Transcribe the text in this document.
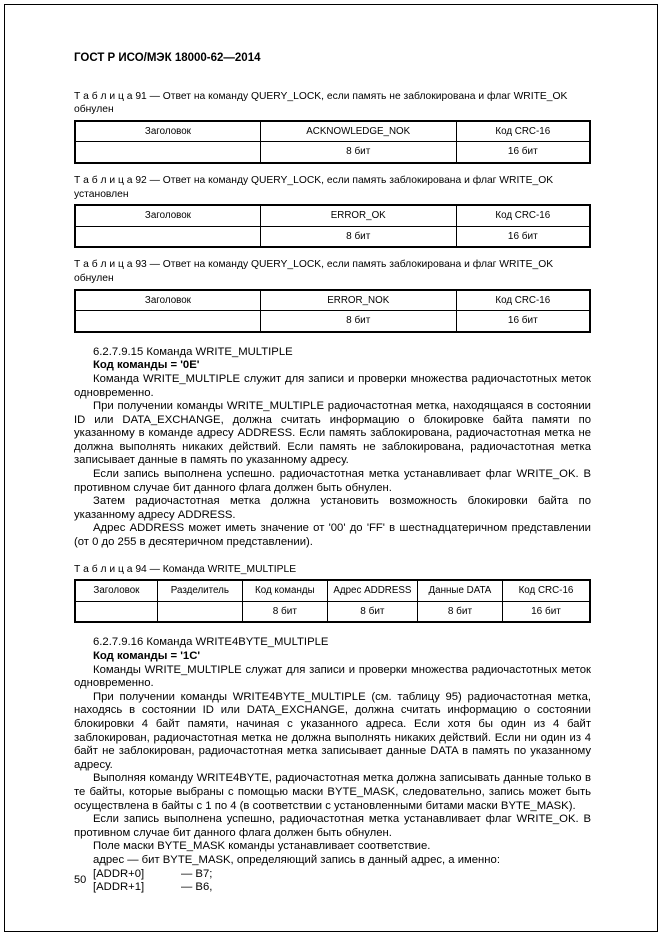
ГОСТ Р ИСО/МЭК 18000-62—2014

Т а б л и ц а 91 — Ответ на команду QUERY_LOCK, если память не заблокирована и флаг WRITE_OK обнулен

Заголовок	ACKNOWLEDGE_NOK	Код CRC-16
	8 бит	16 бит

Т а б л и ц а 92 — Ответ на команду QUERY_LOCK, если память заблокирована и флаг WRITE_OK установлен

Заголовок	ERROR_OK	Код CRC-16
	8 бит	16 бит

Т а б л и ц а 93 — Ответ на команду QUERY_LOCK, если память заблокирована и флаг WRITE_OK обнулен

Заголовок	ERROR_NOK	Код CRC-16
	8 бит	16 бит

6.2.7.9.15 Команда WRITE_MULTIPLE

Код команды = '0Е'

Команда WRITE_MULTIPLE служит для записи и проверки множества радиочастотных меток одновременно.

При получении команды WRITE_MULTIPLE радиочастотная метка, находящаяся в состоянии ID или DATA_EXCHANGE, должна считать информацию о блокировке байта памяти по указанному в команде адресу ADDRESS. Если память заблокирована, радиочастотная метка не должна выполнять никаких действий. Если память не заблокирована, радиочастотная метка записывает данные в память по указанному адресу.

Если запись выполнена успешно. радиочастотная метка устанавливает флаг WRITE_OK. В противном случае бит данного флага должен быть обнулен.

Затем радиочастотная метка должна установить возможность блокировки байта по указанному адресу ADDRESS.

Адрес ADDRESS может иметь значение от '00' до 'FF' в шестнадцатеричном представлении (от 0 до 255 в десятеричном представлении).

Т а б л и ц а 94 — Команда WRITE_MULTIPLE

Заголовок	Разделитель	Код команды	Адрес ADDRESS	Данные DATA	Код CRC-16
		8 бит	8 бит	8 бит	16 бит

6.2.7.9.16 Команда WRITE4BYTE_MULTIPLE

Код команды = '1С'

Команды WRITE_MULTIPLE служат для записи и проверки множества радиочастотных меток одновременно.

При получении команды WRITE4BYTE_MULTIPLE (см. таблицу 95) радиочастотная метка, находясь в состоянии ID или DATA_EXCHANGE, должна считать информацию о состоянии блокировки 4 байт памяти, начиная с указанного адреса. Если хотя бы один из 4 байт заблокирован, радиочастотная метка не должна выполнять никаких действий. Если ни один из 4 байт не заблокирован, радиочастотная метка записывает данные DATA в память по указанному адресу.

Выполняя команду WRITE4BYTE, радиочастотная метка должна записывать данные только в те байты, которые выбраны с помощью маски BYTE_MASK, следовательно, запись может быть осуществлена в байты с 1 по 4 (в соответствии с установленными битами маски BYTE_MASK).

Если запись выполнена успешно, радиочастотная метка устанавливает флаг WRITE_OK. В противном случае бит данного флага должен быть обнулен.

Поле маски BYTE_MASK команды устанавливает соответствие.

адрес — бит BYTE_MASK, определяющий запись в данный адрес, а именно:

[ADDR+0]	— B7;
[ADDR+1]	— B6,
50
